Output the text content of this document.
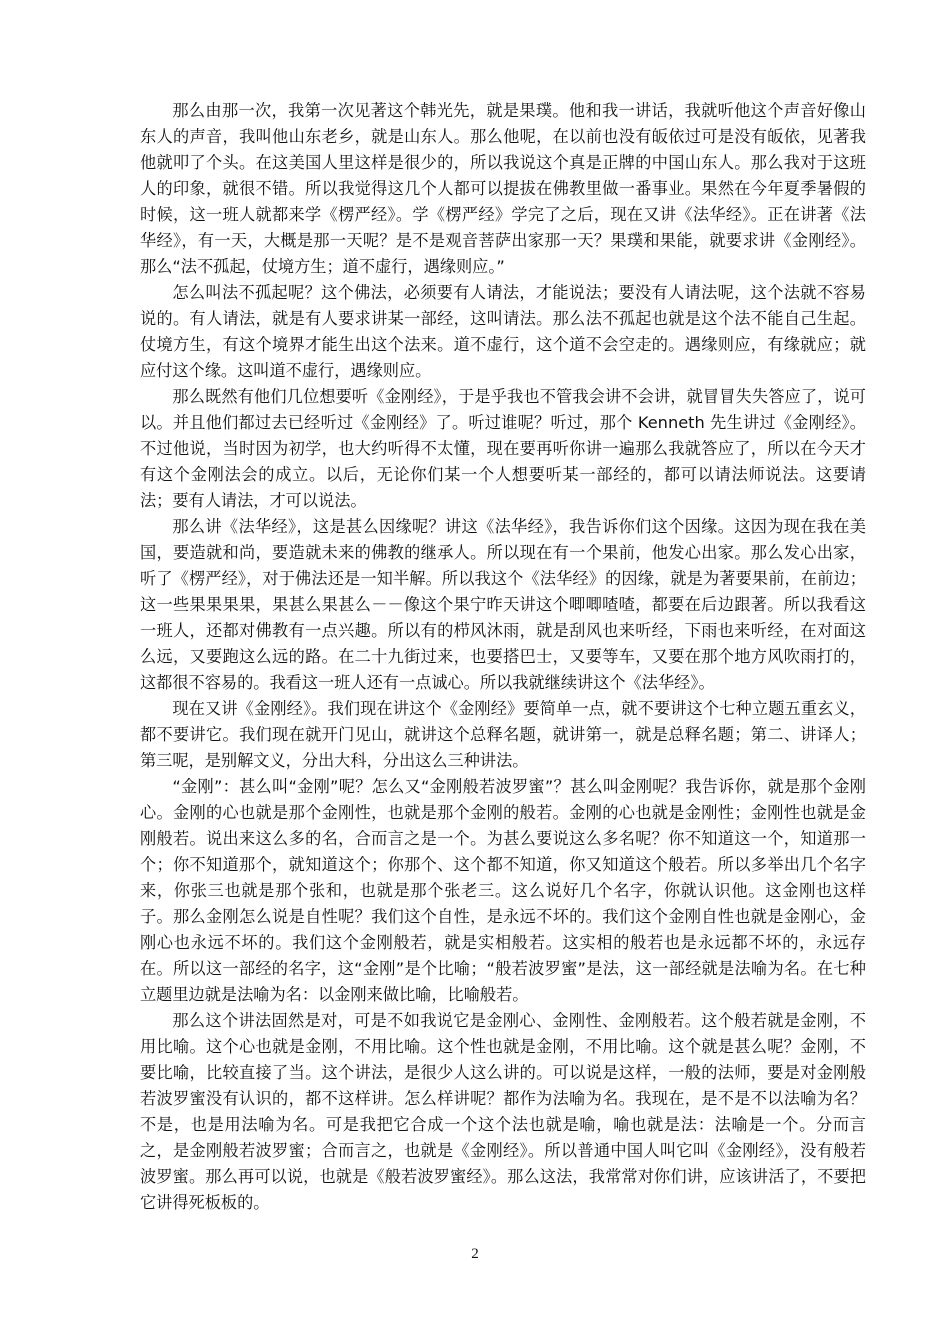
那么由那一次，我第一次见著这个韩光先，就是果璞。他和我一讲话，我就听他这个声音好像山东人的声音，我叫他山东老乡，就是山东人。那么他呢，在以前也没有皈依过可是没有皈依，见著我他就叩了个头。在这美国人里这样是很少的，所以我说这个真是正牌的中国山东人。那么我对于这班人的印象，就很不错。所以我觉得这几个人都可以提拔在佛教里做一番事业。果然在今年夏季暑假的时候，这一班人就都来学《楞严经》。学《楞严经》学完了之后，现在又讲《法华经》。正在讲著《法华经》，有一天，大概是那一天呢？是不是观音菩萨出家那一天？果璞和果能，就要求讲《金刚经》。那么“法不孤起，仗境方生；道不虚行，遇缘则应。”

怎么叫法不孤起呢？这个佛法，必须要有人请法，才能说法；要没有人请法呢，这个法就不容易说的。有人请法，就是有人要求讲某一部经，这叫请法。那么法不孤起也就是这个法不能自己生起。仗境方生，有这个境界才能生出这个法来。道不虚行，这个道不会空走的。遇缘则应，有缘就应；就应付这个缘。这叫道不虚行，遇缘则应。

那么既然有他们几位想要听《金刚经》，于是乎我也不管我会讲不会讲，就冒冒失失答应了，说可以。并且他们都过去已经听过《金刚经》了。听过谁呢？听过，那个 Kenneth 先生讲过《金刚经》。不过他说，当时因为初学，也大约听得不太懂，现在要再听你讲一遍那么我就答应了，所以在今天才有这个金刚法会的成立。以后，无论你们某一个人想要听某一部经的，都可以请法师说法。这要请法；要有人请法，才可以说法。

那么讲《法华经》，这是甚么因缘呢？讲这《法华经》，我告诉你们这个因缘。这因为现在我在美国，要造就和尚，要造就未来的佛教的继承人。所以现在有一个果前，他发心出家。那么发心出家，听了《楞严经》，对于佛法还是一知半解。所以我这个《法华经》的因缘，就是为著要果前，在前边；这一些果果果果，果甚么果甚么－－像这个果宁昨天讲这个唧唧喳喳，都要在后边跟著。所以我看这一班人，还都对佛教有一点兴趣。所以有的栉风沐雨，就是刮风也来听经，下雨也来听经，在对面这么远，又要跑这么远的路。在二十九街过来，也要搭巴士，又要等车，又要在那个地方风吹雨打的，这都很不容易的。我看这一班人还有一点诚心。所以我就继续讲这个《法华经》。

现在又讲《金刚经》。我们现在讲这个《金刚经》要简单一点，就不要讲这个七种立题五重玄义，都不要讲它。我们现在就开门见山，就讲这个总释名题，就讲第一，就是总释名题；第二、讲译人；第三呢，是别解文义，分出大科，分出这么三种讲法。

“金刚”：甚么叫“金刚”呢？怎么又“金刚般若波罗蜜”？甚么叫金刚呢？我告诉你，就是那个金刚心。金刚的心也就是那个金刚性，也就是那个金刚的般若。金刚的心也就是金刚性；金刚性也就是金刚般若。说出来这么多的名，合而言之是一个。为甚么要说这么多名呢？你不知道这一个，知道那一个；你不知道那个，就知道这个；你那个、这个都不知道，你又知道这个般若。所以多举出几个名字来，你张三也就是那个张和，也就是那个张老三。这么说好几个名字，你就认识他。这金刚也这样子。那么金刚怎么说是自性呢？我们这个自性，是永远不坏的。我们这个金刚自性也就是金刚心，金刚心也永远不坏的。我们这个金刚般若，就是实相般若。这实相的般若也是永远都不坏的，永远存在。所以这一部经的名字，这“金刚”是个比喻；“般若波罗蜜”是法，这一部经就是法喻为名。在七种立题里边就是法喻为名：以金刚来做比喻，比喻般若。

那么这个讲法固然是对，可是不如我说它是金刚心、金刚性、金刚般若。这个般若就是金刚，不用比喻。这个心也就是金刚，不用比喻。这个性也就是金刚，不用比喻。这个就是甚么呢？金刚，不要比喻，比较直接了当。这个讲法，是很少人这么讲的。可以说是这样，一般的法师，要是对金刚般若波罗蜜没有认识的，都不这样讲。怎么样讲呢？都作为法喻为名。我现在，是不是不以法喻为名？不是，也是用法喻为名。可是我把它合成一个这个法也就是喻，喻也就是法：法喻是一个。分而言之，是金刚般若波罗蜜；合而言之，也就是《金刚经》。所以普通中国人叫它叫《金刚经》，没有般若波罗蜜。那么再可以说，也就是《般若波罗蜜经》。那么这法，我常常对你们讲，应该讲活了，不要把它讲得死板板的。

2
